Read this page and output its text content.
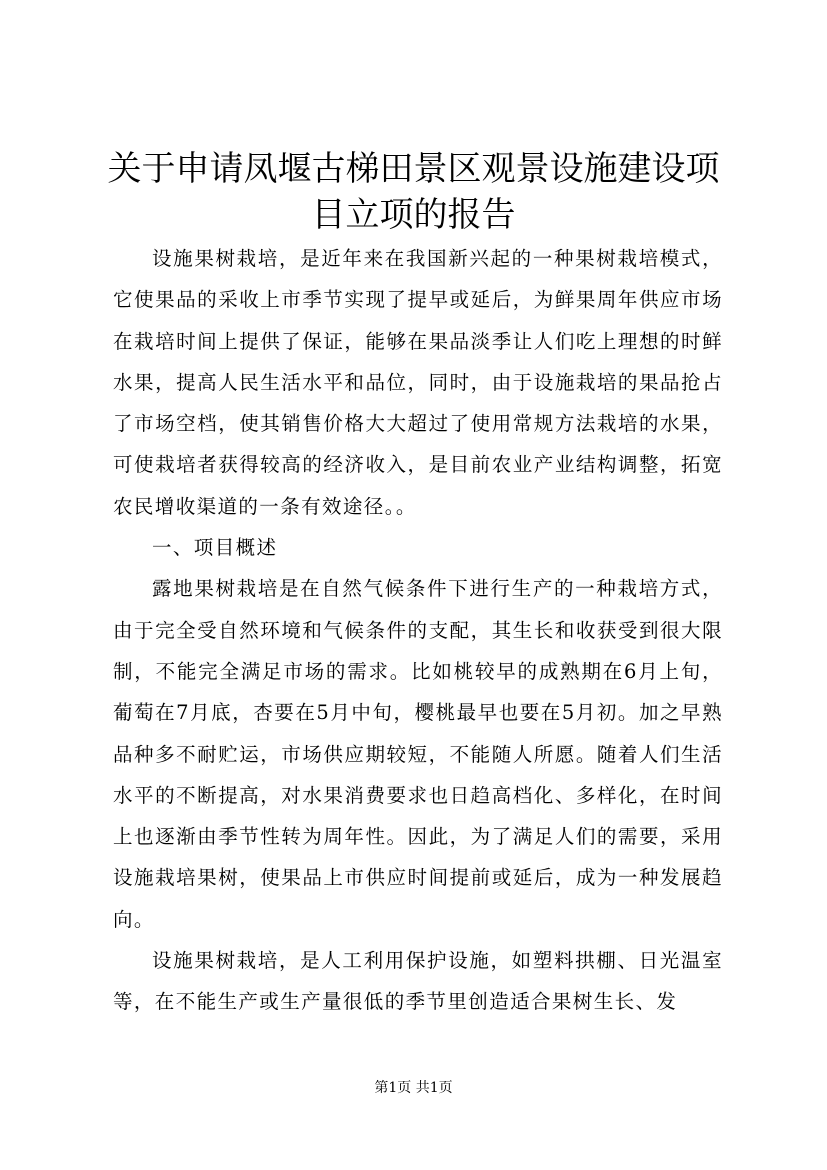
关于申请凤堰古梯田景区观景设施建设项目立项的报告

设施果树栽培，是近年来在我国新兴起的一种果树栽培模式，它使果品的采收上市季节实现了提早或延后，为鲜果周年供应市场在栽培时间上提供了保证，能够在果品淡季让人们吃上理想的时鲜水果，提高人民生活水平和品位，同时，由于设施栽培的果品抢占了市场空档，使其销售价格大大超过了使用常规方法栽培的水果，可使栽培者获得较高的经济收入，是目前农业产业结构调整，拓宽农民增收渠道的一条有效途径。。

一、项目概述

露地果树栽培是在自然气候条件下进行生产的一种栽培方式，由于完全受自然环境和气候条件的支配，其生长和收获受到很大限制，不能完全满足市场的需求。比如桃较早的成熟期在6月上旬，葡萄在7月底，杏要在5月中旬，樱桃最早也要在5月初。加之早熟品种多不耐贮运，市场供应期较短，不能随人所愿。随着人们生活水平的不断提高，对水果消费要求也日趋高档化、多样化，在时间上也逐渐由季节性转为周年性。因此，为了满足人们的需要，采用设施栽培果树，使果品上市供应时间提前或延后，成为一种发展趋向。

设施果树栽培，是人工利用保护设施，如塑料拱棚、日光温室等，在不能生产或生产量很低的季节里创造适合果树生长、发

第1页 共1页
